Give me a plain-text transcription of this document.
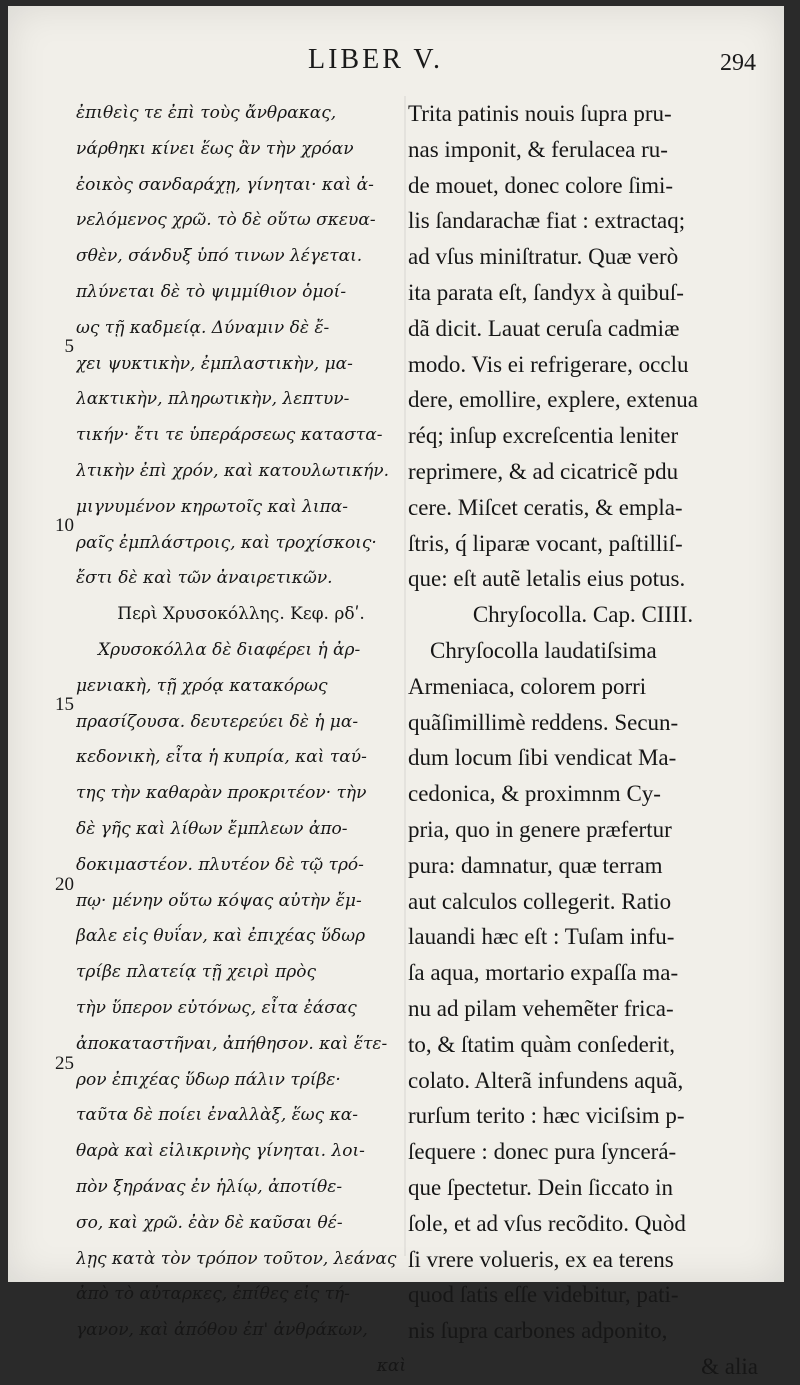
LIBER V.	294
5
10
15
20
25
ἐπιθεὶς τε ἐπὶ τοὺς ἄνθρακας,
νάρθηκι κίνει ἕως ἂν τὴν χρόαν
ἐοικὸς σανδαράχῃ, γίνηται· καὶ ἀ-
νελόμενος χρῶ. τὸ δὲ οὕτω σκευα-
σθὲν, σάνδυξ ὑπό τινων λέγεται.
πλύνεται δὲ τὸ ψιμμίθιον ὁμοί-
ως τῇ καδμείᾳ. Δύναμιν δὲ ἔ-
χει ψυκτικὴν, ἐμπλαστικὴν, μα-
λακτικὴν, πληρωτικὴν, λεπτυν-
τικήν· ἔτι τε ὑπεράρσεως καταστα-
λτικὴν ἐπὶ χρόν, καὶ κατουλωτικήν.
μιγνυμένον κηρωτοῖς καὶ λιπα-
ραῖς ἐμπλάστροις, καὶ τροχίσκοις·
ἔστι δὲ καὶ τῶν ἀναιρετικῶν.
Περὶ Χρυσοκόλλης. Κεφ. ρδʹ.
Χρυσοκόλλα δὲ διαφέρει ἡ ἀρ-
μενιακὴ, τῇ χρόᾳ κατακόρως
πρασίζουσα. δευτερεύει δὲ ἡ μα-
κεδονικὴ, εἶτα ἡ κυπρία, καὶ ταύ-
της τὴν καθαρὰν προκριτέον· τὴν
δὲ γῆς καὶ λίθων ἔμπλεων ἀπο-
δοκιμαστέον. πλυτέον δὲ τῷ τρό-
πῳ· μένην οὕτω κόψας αὐτὴν ἔμ-
βαλε εἰς θυΐαν, καὶ ἐπιχέας ὕδωρ
τρίβε πλατείᾳ τῇ χειρὶ πρὸς
τὴν ὕπερον εὐτόνως, εἶτα ἐάσας
ἀποκαταστῆναι, ἀπήθησον. καὶ ἕτε-
ρον ἐπιχέας ὕδωρ πάλιν τρίβε·
ταῦτα δὲ ποίει ἐναλλὰξ, ἕως κα-
θαρὰ καὶ εἰλικρινὴς γίνηται. λοι-
πὸν ξηράνας ἐν ἡλίῳ, ἀποτίθε-
σο, καὶ χρῶ. ἐὰν δὲ καῦσαι θέ-
λῃς κατὰ τὸν τρόπον τοῦτον, λεάνας
ἀπὸ τὸ αὐταρκες, ἐπίθες εἰς τή-
γανον, καὶ ἀπόθου ἐπ' ἀνθράκων,
καὶ
Trita patinis nouis ſupra pru-
nas imponit, & ferulacea ru-
de mouet, donec colore ſimi-
lis ſandarachæ fiat : extractaq;
ad vſus miniſtratur. Quæ verò
ita parata eſt, ſandyx à quibuſ-
dã dicit. Lauat ceruſa cadmiæ
modo. Vis ei refrigerare, occlu
dere, emollire, explere, extenua
réq; inſup excreſcentia leniter
reprimere, & ad cicatricẽ pdu
cere. Miſcet ceratis, & empla-
ſtris, q́ liparæ vocant, paſtilliſ-
que: eſt autẽ letalis eius potus.
Chryſocolla. Cap. CIIII.
Chryſocolla laudatiſsima
Armeniaca, colorem porri
quãſimillimè reddens. Secun-
dum locum ſibi vendicat Ma-
cedonica, & proximnm Cy-
pria, quo in genere præfertur
pura: damnatur, quæ terram
aut calculos collegerit. Ratio
lauandi hæc eſt : Tuſam infu-
ſa aqua, mortario expaſſa ma-
nu ad pilam vehemẽter frica-
to, & ſtatim quàm conſederit,
colato. Alterã infundens aquã,
rurſum terito : hæc viciſsim p-
ſequere : donec pura ſyncerá-
que ſpectetur. Dein ſiccato in
ſole, et ad vſus recõdito. Quòd
ſi vrere volueris, ex ea terens
quod ſatis eſſe videbitur, pati-
nis ſupra carbones adponito,
& alia
